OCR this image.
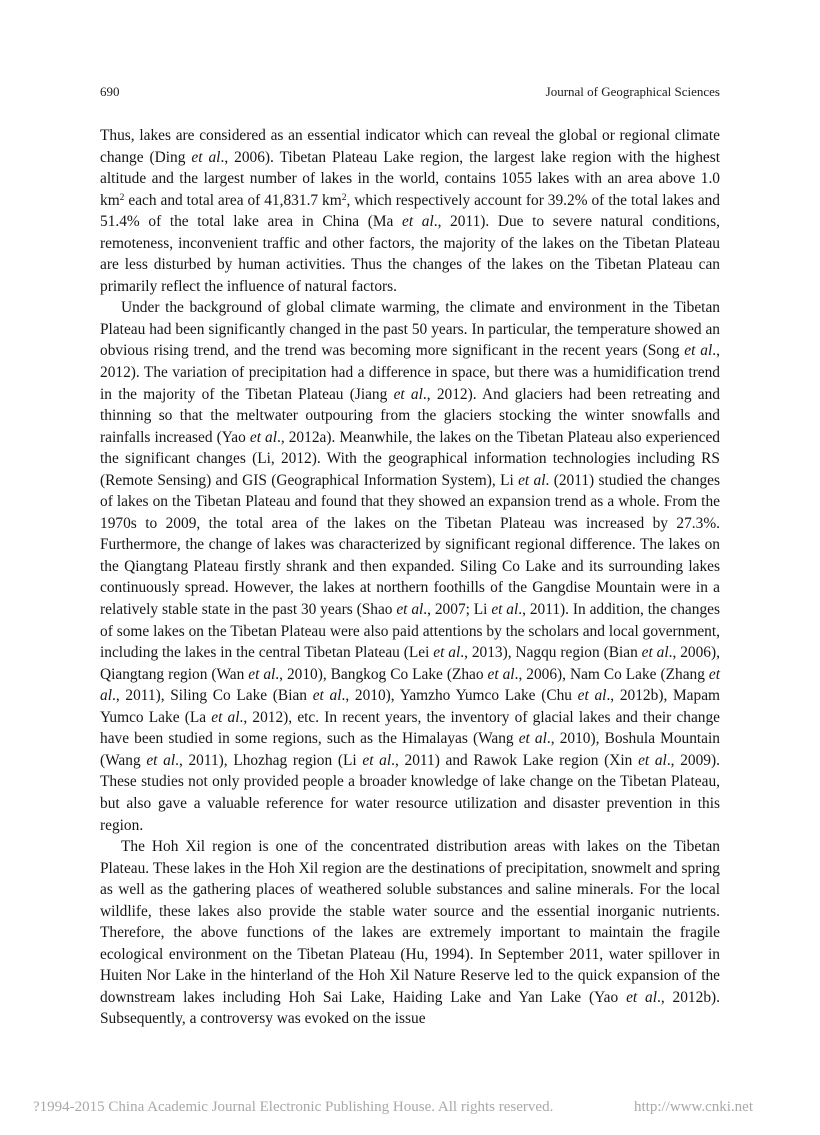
690	Journal of Geographical Sciences

Thus, lakes are considered as an essential indicator which can reveal the global or regional climate change (Ding et al., 2006). Tibetan Plateau Lake region, the largest lake region with the highest altitude and the largest number of lakes in the world, contains 1055 lakes with an area above 1.0 $km^2$ each and total area of 41,831.7 $km^2$, which respectively account for 39.2% of the total lakes and 51.4% of the total lake area in China (Ma et al., 2011). Due to severe natural conditions, remoteness, inconvenient traffic and other factors, the majority of the lakes on the Tibetan Plateau are less disturbed by human activities. Thus the changes of the lakes on the Tibetan Plateau can primarily reflect the influence of natural factors.

Under the background of global climate warming, the climate and environment in the Tibetan Plateau had been significantly changed in the past 50 years. In particular, the temperature showed an obvious rising trend, and the trend was becoming more significant in the recent years (Song et al., 2012). The variation of precipitation had a difference in space, but there was a humidification trend in the majority of the Tibetan Plateau (Jiang et al., 2012). And glaciers had been retreating and thinning so that the meltwater outpouring from the glaciers stocking the winter snowfalls and rainfalls increased (Yao et al., 2012a). Meanwhile, the lakes on the Tibetan Plateau also experienced the significant changes (Li, 2012). With the geographical information technologies including RS (Remote Sensing) and GIS (Geographical Information System), Li et al. (2011) studied the changes of lakes on the Tibetan Plateau and found that they showed an expansion trend as a whole. From the 1970s to 2009, the total area of the lakes on the Tibetan Plateau was increased by 27.3%. Furthermore, the change of lakes was characterized by significant regional difference. The lakes on the Qiangtang Plateau firstly shrank and then expanded. Siling Co Lake and its surrounding lakes continuously spread. However, the lakes at northern foothills of the Gangdise Mountain were in a relatively stable state in the past 30 years (Shao et al., 2007; Li et al., 2011). In addition, the changes of some lakes on the Tibetan Plateau were also paid attentions by the scholars and local government, including the lakes in the central Tibetan Plateau (Lei et al., 2013), Nagqu region (Bian et al., 2006), Qiangtang region (Wan et al., 2010), Bangkog Co Lake (Zhao et al., 2006), Nam Co Lake (Zhang et al., 2011), Siling Co Lake (Bian et al., 2010), Yamzho Yumco Lake (Chu et al., 2012b), Mapam Yumco Lake (La et al., 2012), etc. In recent years, the inventory of glacial lakes and their change have been studied in some regions, such as the Himalayas (Wang et al., 2010), Boshula Mountain (Wang et al., 2011), Lhozhag region (Li et al., 2011) and Rawok Lake region (Xin et al., 2009). These studies not only provided people a broader knowledge of lake change on the Tibetan Plateau, but also gave a valuable reference for water resource utilization and disaster prevention in this region.

The Hoh Xil region is one of the concentrated distribution areas with lakes on the Tibetan Plateau. These lakes in the Hoh Xil region are the destinations of precipitation, snowmelt and spring as well as the gathering places of weathered soluble substances and saline minerals. For the local wildlife, these lakes also provide the stable water source and the essential inorganic nutrients. Therefore, the above functions of the lakes are extremely important to maintain the fragile ecological environment on the Tibetan Plateau (Hu, 1994). In September 2011, water spillover in Huiten Nor Lake in the hinterland of the Hoh Xil Nature Reserve led to the quick expansion of the downstream lakes including Hoh Sai Lake, Haiding Lake and Yan Lake (Yao et al., 2012b). Subsequently, a controversy was evoked on the issue

?1994-2015 China Academic Journal Electronic Publishing House. All rights reserved.	http://www.cnki.net
